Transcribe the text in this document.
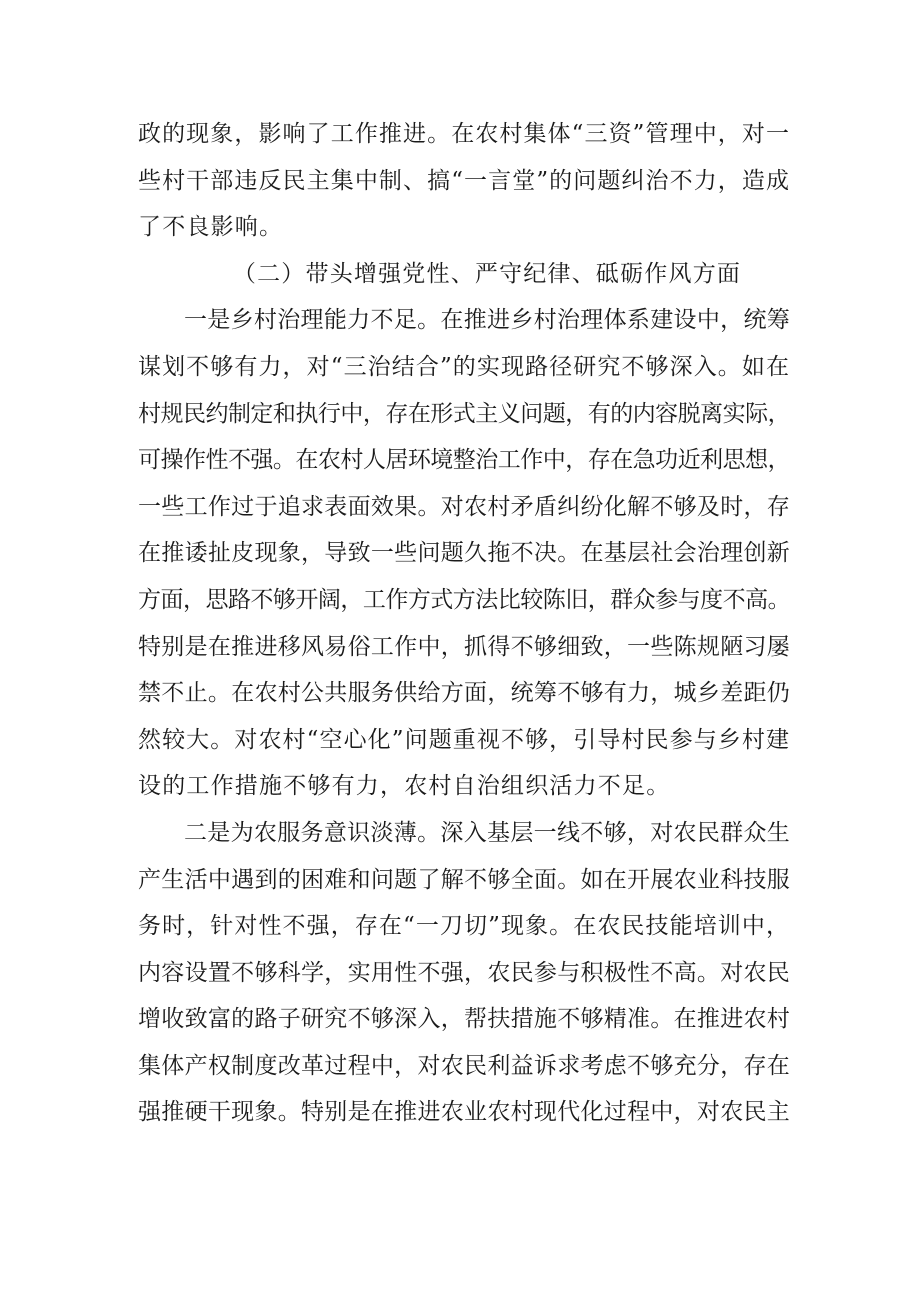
政的现象，影响了工作推进。在农村集体“三资”管理中，对一
些村干部违反民主集中制、搞“一言堂”的问题纠治不力，造成
了不良影响。
（二）带头增强党性、严守纪律、砥砺作风方面
一是乡村治理能力不足。在推进乡村治理体系建设中，统筹
谋划不够有力，对“三治结合”的实现路径研究不够深入。如在
村规民约制定和执行中，存在形式主义问题，有的内容脱离实际，
可操作性不强。在农村人居环境整治工作中，存在急功近利思想，
一些工作过于追求表面效果。对农村矛盾纠纷化解不够及时，存
在推诿扯皮现象，导致一些问题久拖不决。在基层社会治理创新
方面，思路不够开阔，工作方式方法比较陈旧，群众参与度不高。
特别是在推进移风易俗工作中，抓得不够细致，一些陈规陋习屡
禁不止。在农村公共服务供给方面，统筹不够有力，城乡差距仍
然较大。对农村“空心化”问题重视不够，引导村民参与乡村建
设的工作措施不够有力，农村自治组织活力不足。
二是为农服务意识淡薄。深入基层一线不够，对农民群众生
产生活中遇到的困难和问题了解不够全面。如在开展农业科技服
务时，针对性不强，存在“一刀切”现象。在农民技能培训中，
内容设置不够科学，实用性不强，农民参与积极性不高。对农民
增收致富的路子研究不够深入，帮扶措施不够精准。在推进农村
集体产权制度改革过程中，对农民利益诉求考虑不够充分，存在
强推硬干现象。特别是在推进农业农村现代化过程中，对农民主
